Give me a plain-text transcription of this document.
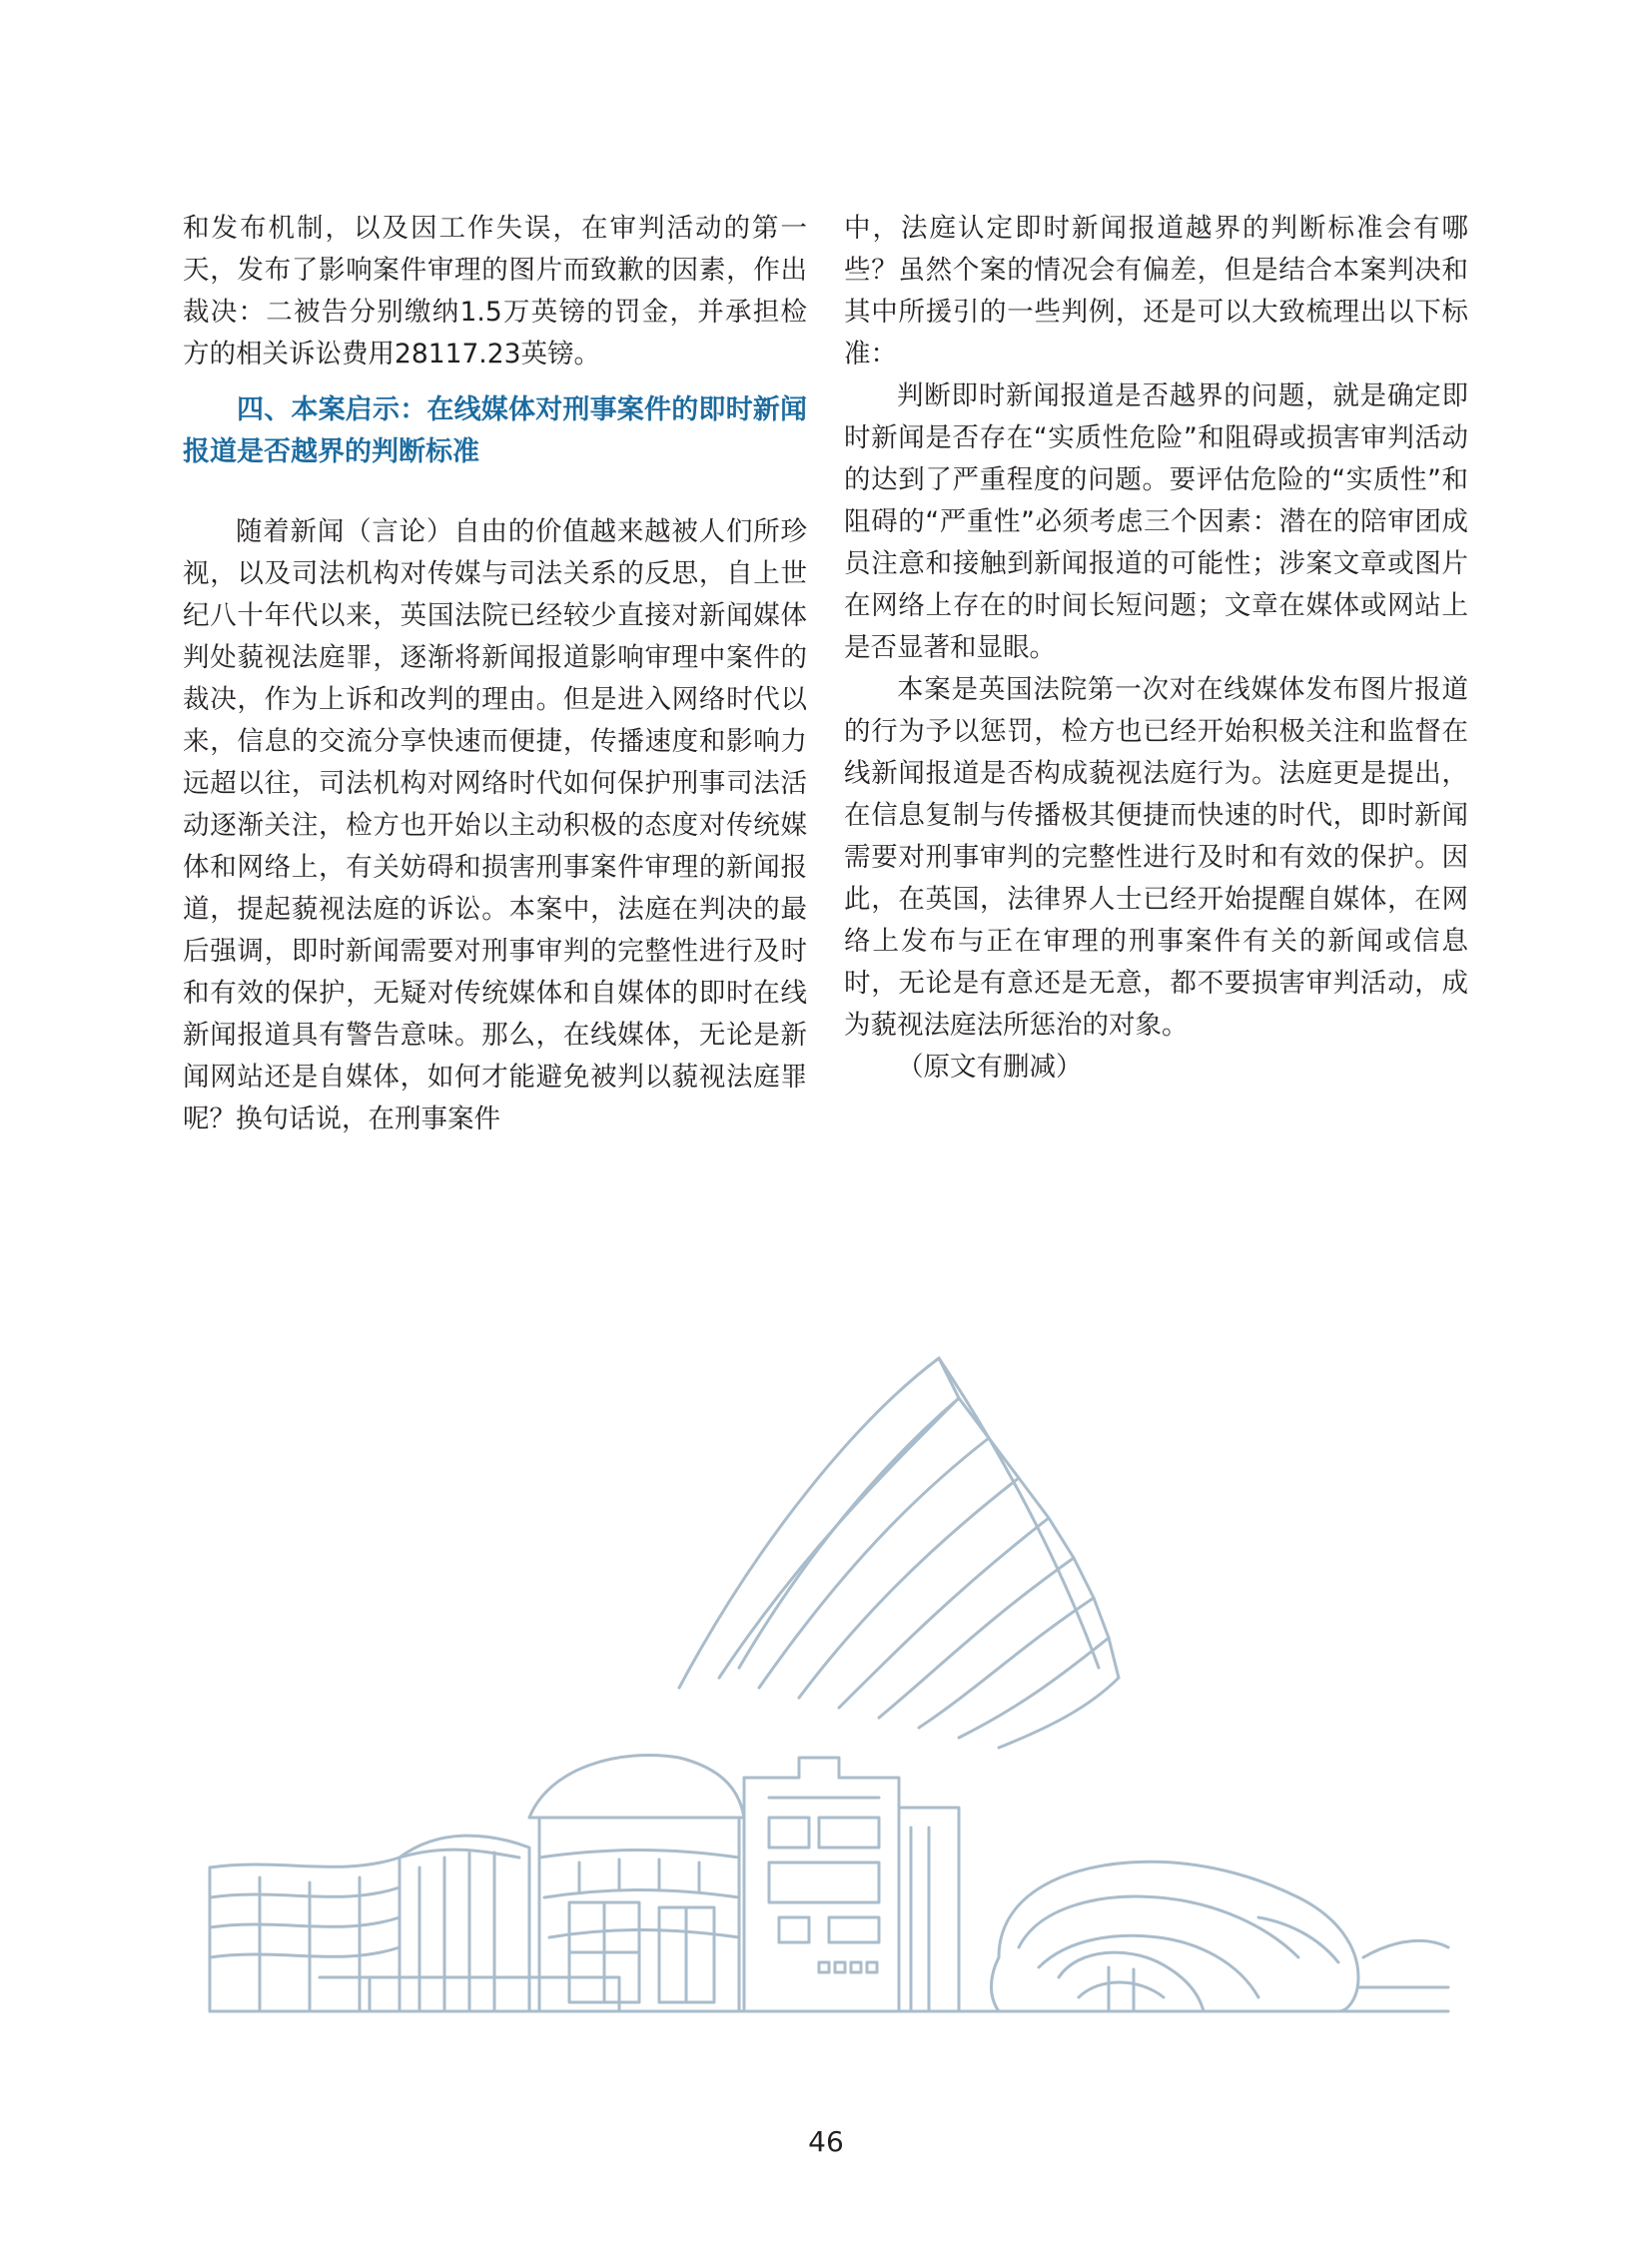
和发布机制，以及因工作失误，在审判活动的第一天，发布了影响案件审理的图片而致歉的因素，作出裁决：二被告分别缴纳1.5万英镑的罚金，并承担检方的相关诉讼费用28117.23英镑。

四、本案启示：在线媒体对刑事案件的即时新闻报道是否越界的判断标准

随着新闻（言论）自由的价值越来越被人们所珍视，以及司法机构对传媒与司法关系的反思，自上世纪八十年代以来，英国法院已经较少直接对新闻媒体判处藐视法庭罪，逐渐将新闻报道影响审理中案件的裁决，作为上诉和改判的理由。但是进入网络时代以来，信息的交流分享快速而便捷，传播速度和影响力远超以往，司法机构对网络时代如何保护刑事司法活动逐渐关注，检方也开始以主动积极的态度对传统媒体和网络上，有关妨碍和损害刑事案件审理的新闻报道，提起藐视法庭的诉讼。本案中，法庭在判决的最后强调，即时新闻需要对刑事审判的完整性进行及时和有效的保护，无疑对传统媒体和自媒体的即时在线新闻报道具有警告意味。那么，在线媒体，无论是新闻网站还是自媒体，如何才能避免被判以藐视法庭罪呢？换句话说，在刑事案件

中，法庭认定即时新闻报道越界的判断标准会有哪些？虽然个案的情况会有偏差，但是结合本案判决和其中所援引的一些判例，还是可以大致梳理出以下标准：

判断即时新闻报道是否越界的问题，就是确定即时新闻是否存在“实质性危险”和阻碍或损害审判活动的达到了严重程度的问题。要评估危险的“实质性”和阻碍的“严重性”必须考虑三个因素：潜在的陪审团成员注意和接触到新闻报道的可能性；涉案文章或图片在网络上存在的时间长短问题；文章在媒体或网站上是否显著和显眼。

本案是英国法院第一次对在线媒体发布图片报道的行为予以惩罚，检方也已经开始积极关注和监督在线新闻报道是否构成藐视法庭行为。法庭更是提出，在信息复制与传播极其便捷而快速的时代，即时新闻需要对刑事审判的完整性进行及时和有效的保护。因此，在英国，法律界人士已经开始提醒自媒体，在网络上发布与正在审理的刑事案件有关的新闻或信息时，无论是有意还是无意，都不要损害审判活动，成为藐视法庭法所惩治的对象。

（原文有删减）

46
